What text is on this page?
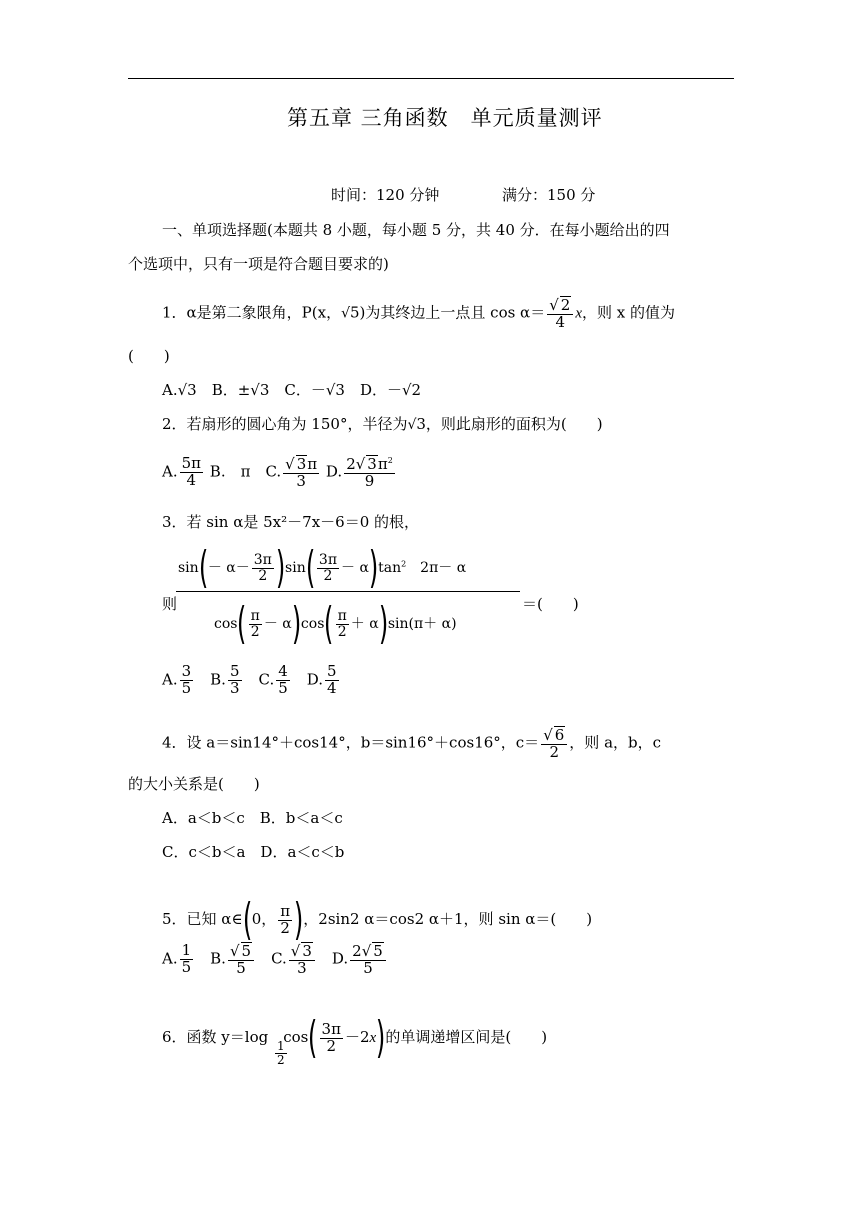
第五章 三角函数　单元质量测评
时间：120 分钟	满分：150 分
一、单项选择题(本题共 8 小题，每小题 5 分，共 40 分．在每小题给出的四
个选项中，只有一项是符合题目要求的)
1．α是第二象限角，P(x，√5)为其终边上一点且 $\cos \alpha= \frac{√ 2}{4}$ x，则 x 的值为
(　　)
A.√3　B．±√3　C．－√3　D．－√2
2．若扇形的圆心角为 150°，半径为√3，则此扇形的面积为(　　)
A. $\frac{5\pi}{4} B$.　π　C. $\frac{√ 3\pi}{3} D$. $\frac{2√ 3\pi^2}{9}$
3．若 sin α是 5x²－7x－6＝0 的根，
则
$\sin(- \alpha- \frac{3\pi}{2} )\sin( \frac{3\pi}{2} - \alpha)\tan^2$　2π－ α
$\cos( \frac{\pi}{2} - \alpha)\cos( \frac{\pi}{2} + \alpha)\sin(\pi+ \alpha)$
＝(　　)
A. $\frac{3}{5}$ 　B. $\frac{5}{3}$ 　C. $\frac{4}{5}$ 　D. $\frac{5}{4}$
4．设 a＝sin14°＋cos14°，b＝sin16°＋cos16°，$c= \frac{√ 6}{2}$ ，则 a，b，c
的大小关系是(　　)
A．a＜b＜c　B．b＜a＜c
C．c＜b＜a　D．a＜c＜b
5．已知 α∈(0， $\frac{\pi}{2}$ )，2sin2 α＝cos2 α＋1，则 sin α＝(　　)
A. $\frac{1}{5}$ 　B. $\frac{√ 5}{5}$ 　C. $\frac{√ 3}{3}$ 　D. $\frac{2√ 5}{5}$
6．函数 y＝log　 $\cos( \frac{3\pi}{2} -2x)$的单调递增区间是(　　)
$\frac{1}{2}$
